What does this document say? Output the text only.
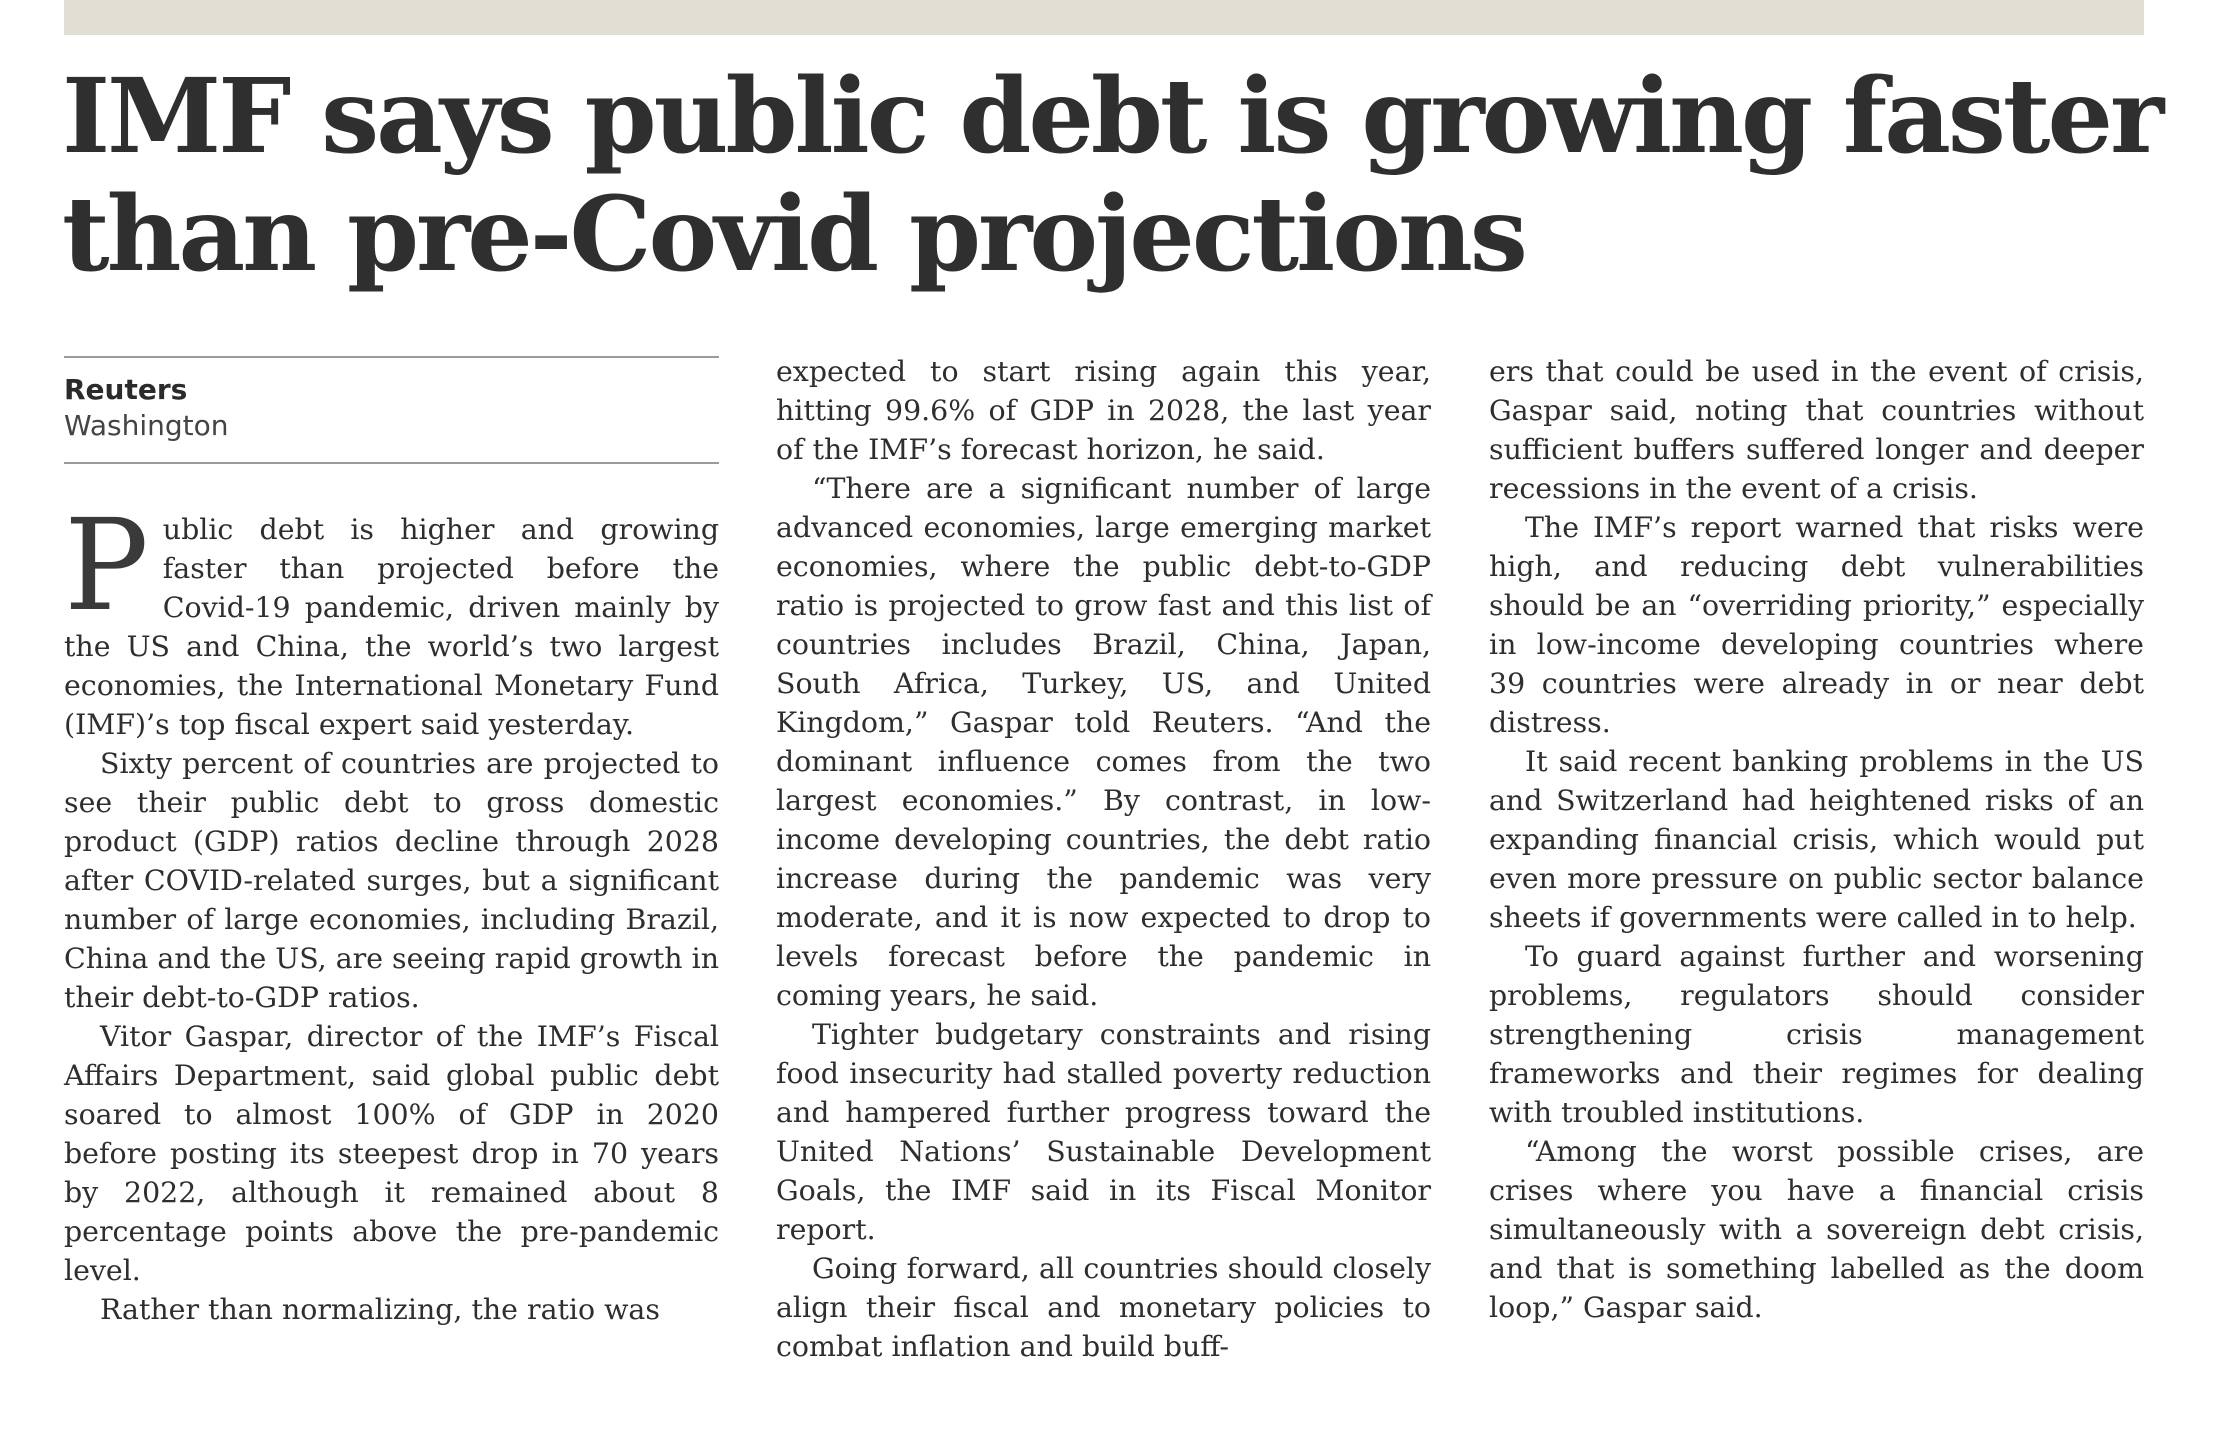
IMF says public debt is growing faster
than pre-Covid projections
Reuters
Washington

Public debt is higher and growing faster than projected before the Covid-19 pandemic, driven mainly by the US and China, the world’s two largest economies, the International Monetary Fund (IMF)’s top fiscal expert said yesterday.

Sixty percent of countries are projected to see their public debt to gross domestic product (GDP) ratios decline through 2028 after COVID-related surges, but a significant number of large economies, including Brazil, China and the US, are seeing rapid growth in their debt-to-GDP ratios.

Vitor Gaspar, director of the IMF’s Fiscal Affairs Department, said global public debt soared to almost 100% of GDP in 2020 before posting its steepest drop in 70 years by 2022, although it remained about 8 percentage points above the pre-pandemic level.

Rather than normalizing, the ratio was

expected to start rising again this year, hitting 99.6% of GDP in 2028, the last year of the IMF’s forecast horizon, he said.

“There are a significant number of large advanced economies, large emerging market economies, where the public debt-to-GDP ratio is projected to grow fast and this list of countries includes Brazil, China, Japan, South Africa, Turkey, US, and United Kingdom,” Gaspar told Reuters. “And the dominant influence comes from the two largest economies.” By contrast, in low-income developing countries, the debt ratio increase during the pandemic was very moderate, and it is now expected to drop to levels forecast before the pandemic in coming years, he said.

Tighter budgetary constraints and rising food insecurity had stalled poverty reduction and hampered further progress toward the United Nations’ Sustainable Development Goals, the IMF said in its Fiscal Monitor report.

Going forward, all countries should closely align their fiscal and monetary policies to combat inflation and build buff-

ers that could be used in the event of crisis, Gaspar said, noting that countries without sufficient buffers suffered longer and deeper recessions in the event of a crisis.

The IMF’s report warned that risks were high, and reducing debt vulnerabilities should be an “overriding priority,” especially in low-income developing countries where 39 countries were already in or near debt distress.

It said recent banking problems in the US and Switzerland had heightened risks of an expanding financial crisis, which would put even more pressure on public sector balance sheets if governments were called in to help.

To guard against further and worsening problems, regulators should consider strengthening crisis management frameworks and their regimes for dealing with troubled institutions.

“Among the worst possible crises, are crises where you have a financial crisis simultaneously with a sovereign debt crisis, and that is something labelled as the doom loop,” Gaspar said.
